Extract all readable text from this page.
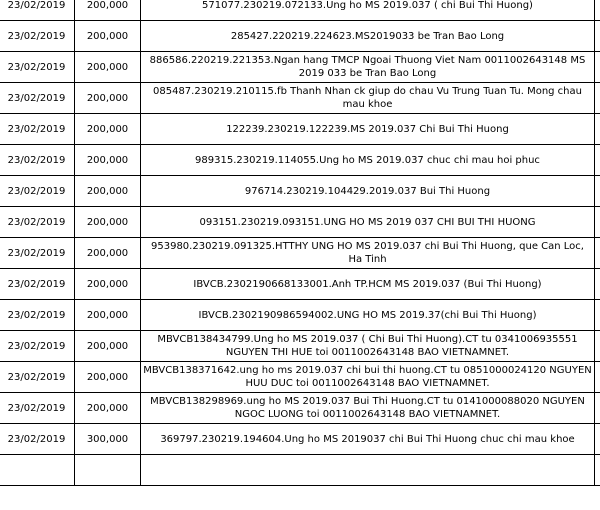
23/02/2019	200,000	571077.230219.072133.Ung ho MS 2019.037 ( chi Bui Thi Huong)	
23/02/2019	200,000	285427.220219.224623.MS2019033 be Tran Bao Long	
23/02/2019	200,000	886586.220219.221353.Ngan hang TMCP Ngoai Thuong Viet Nam 0011002643148 MS 2019 033 be Tran Bao Long	
23/02/2019	200,000	085487.230219.210115.fb Thanh Nhan ck giup do chau Vu Trung Tuan Tu. Mong chau mau khoe	
23/02/2019	200,000	122239.230219.122239.MS 2019.037 Chi Bui Thi Huong	
23/02/2019	200,000	989315.230219.114055.Ung ho MS 2019.037 chuc chi mau hoi phuc	
23/02/2019	200,000	976714.230219.104429.2019.037 Bui Thi Huong	
23/02/2019	200,000	093151.230219.093151.UNG HO MS 2019 037 CHI BUI THI HUONG	
23/02/2019	200,000	953980.230219.091325.HTTHY UNG HO MS 2019.037 chi Bui Thi Huong, que Can Loc, Ha Tinh	
23/02/2019	200,000	IBVCB.2302190668133001.Anh TP.HCM MS 2019.037 (Bui Thi Huong)	
23/02/2019	200,000	IBVCB.2302190986594002.UNG HO MS 2019.37(chi Bui Thi Huong)	
23/02/2019	200,000	MBVCB138434799.Ung ho MS 2019.037 ( Chi Bui Thi Huong).CT tu 0341006935551 NGUYEN THI HUE toi 0011002643148 BAO VIETNAMNET.	
23/02/2019	200,000	MBVCB138371642.ung ho ms 2019.037 chi bui thi huong.CT tu 0851000024120 NGUYEN HUU DUC toi 0011002643148 BAO VIETNAMNET.	
23/02/2019	200,000	MBVCB138298969.ung ho MS 2019.037 Bui Thi Huong.CT tu 0141000088020 NGUYEN NGOC LUONG toi 0011002643148 BAO VIETNAMNET.	
23/02/2019	300,000	369797.230219.194604.Ung ho MS 2019037 chi Bui Thi Huong chuc chi mau khoe	
